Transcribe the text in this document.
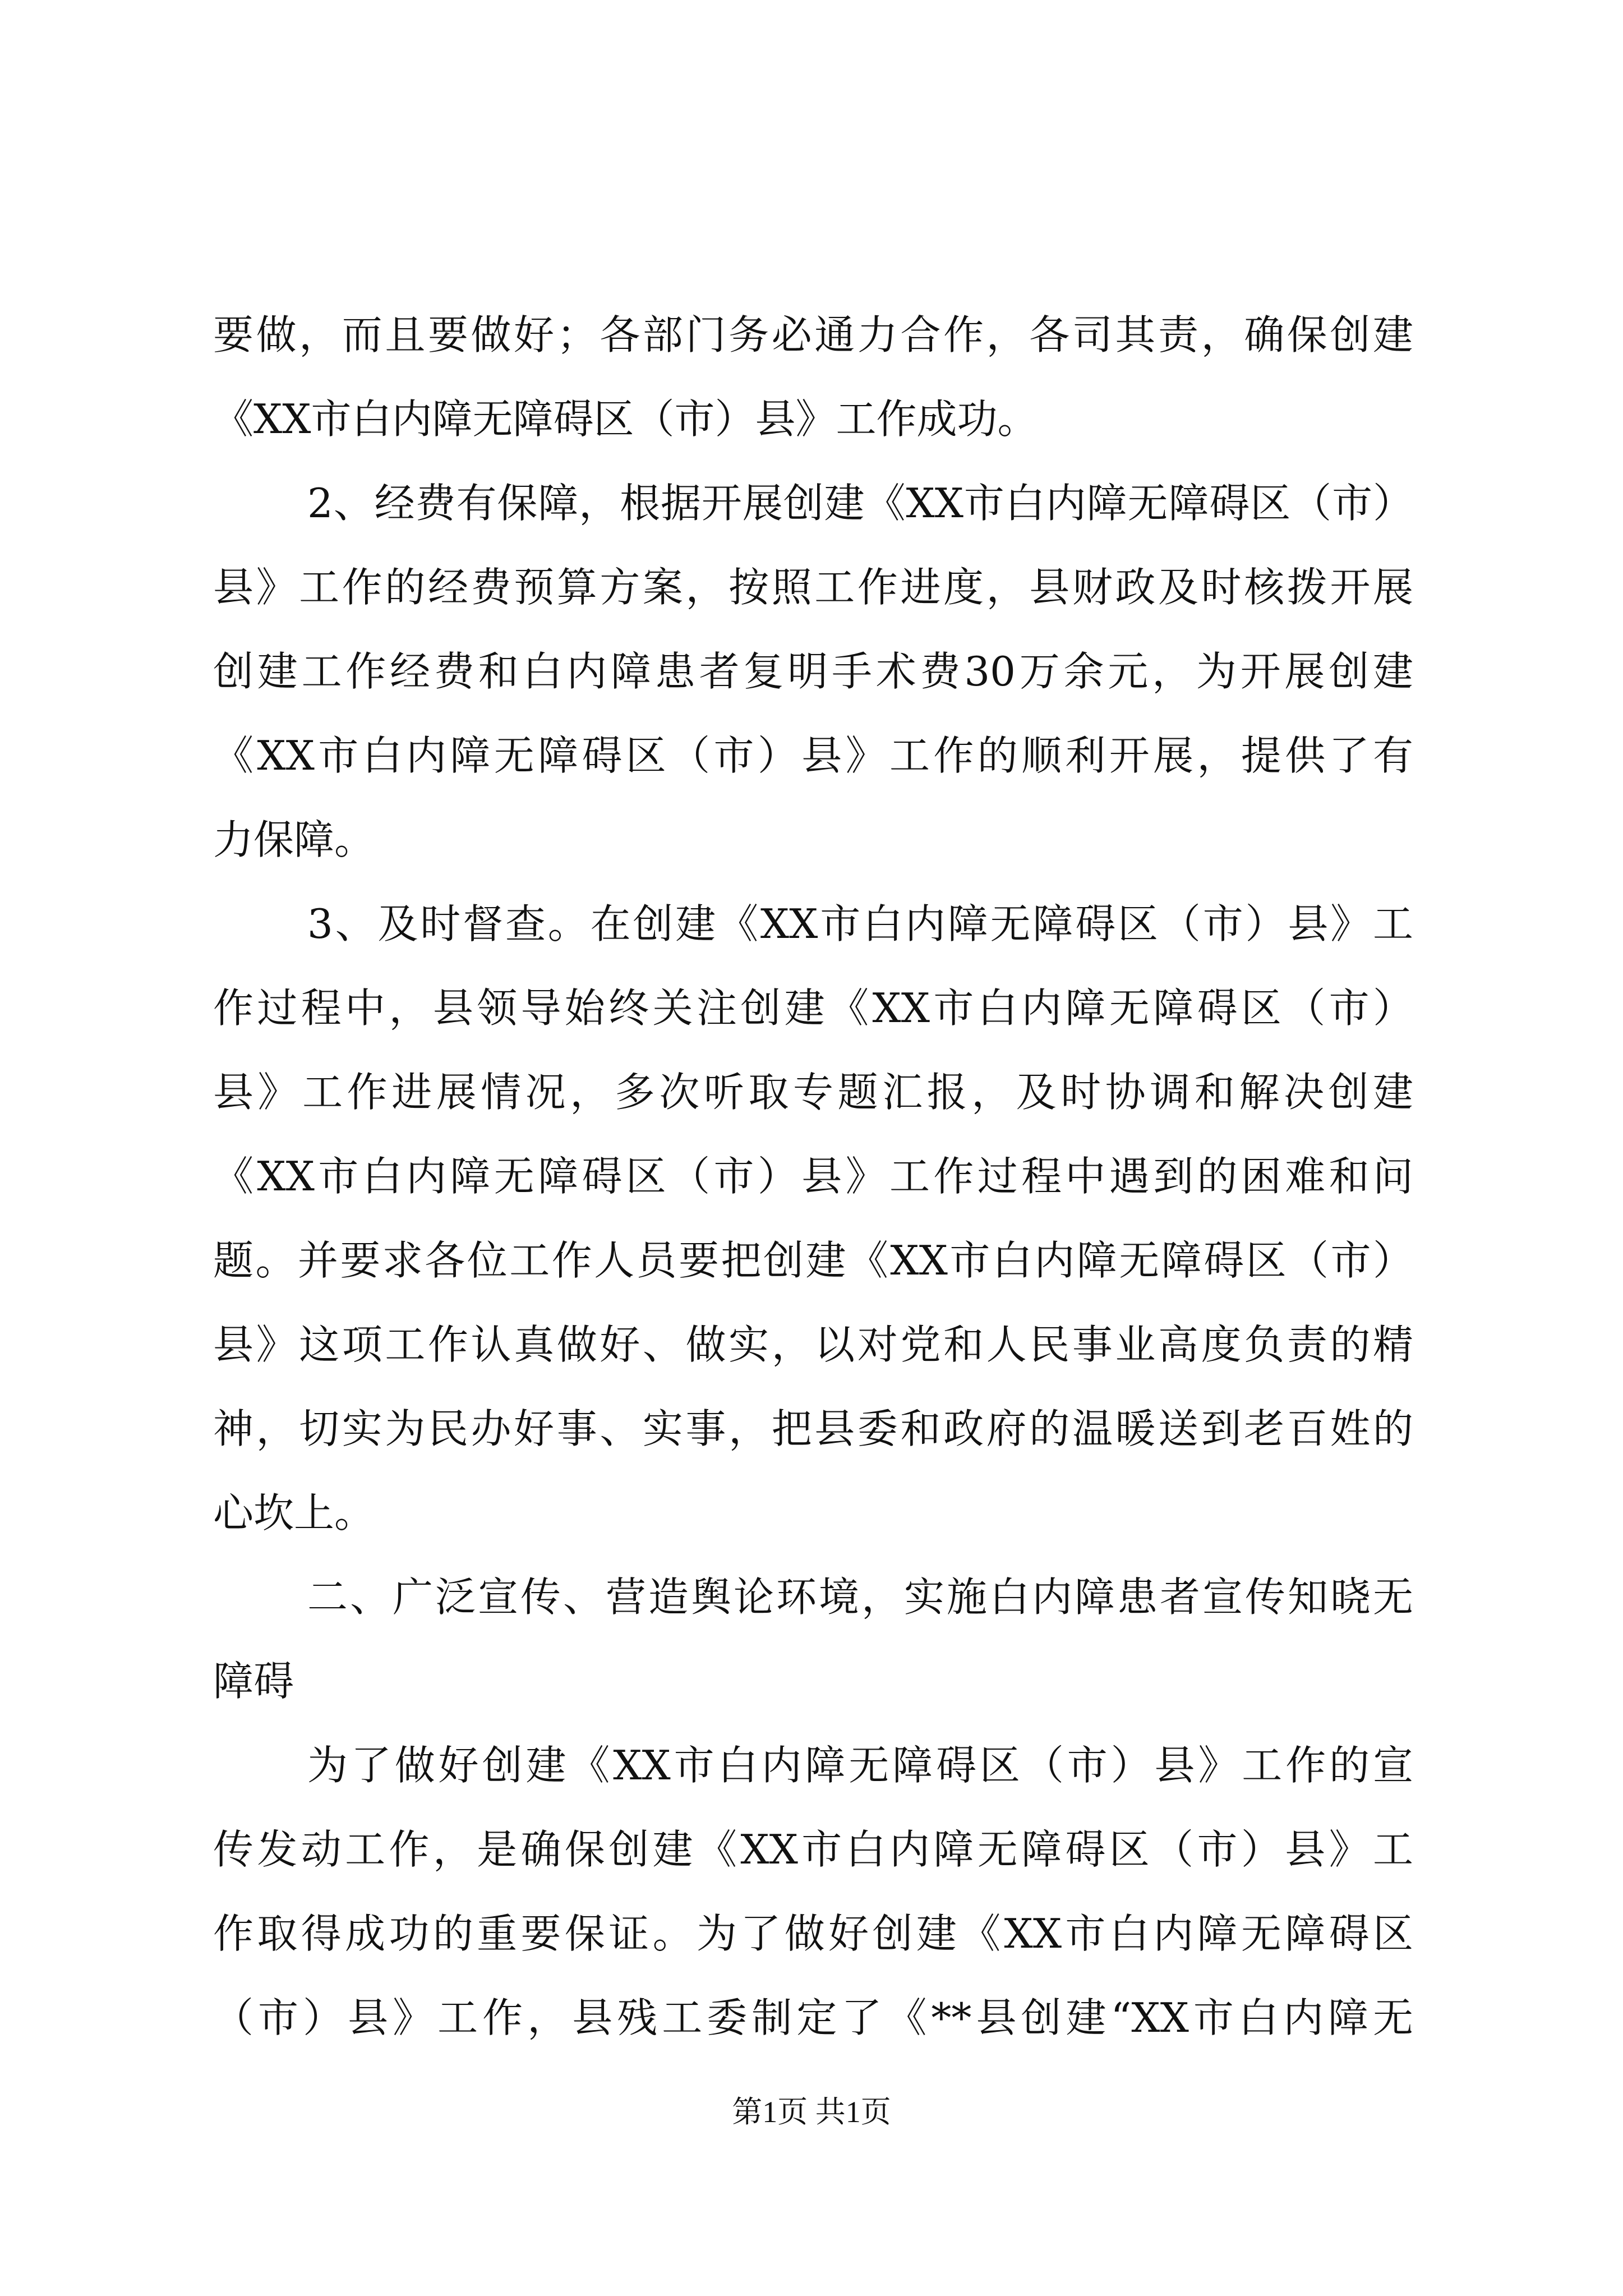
要做，而且要做好；各部门务必通力合作，各司其责，确保创建
《XX市白内障无障碍区（市）县》工作成功。
2、经费有保障，根据开展创建《XX市白内障无障碍区（市）
县》工作的经费预算方案，按照工作进度，县财政及时核拨开展
创建工作经费和白内障患者复明手术费30万余元，为开展创建
《XX市白内障无障碍区（市）县》工作的顺利开展，提供了有
力保障。
3、及时督查。在创建《XX市白内障无障碍区（市）县》工
作过程中，县领导始终关注创建《XX市白内障无障碍区（市）
县》工作进展情况，多次听取专题汇报，及时协调和解决创建
《XX市白内障无障碍区（市）县》工作过程中遇到的困难和问
题。并要求各位工作人员要把创建《XX市白内障无障碍区（市）
县》这项工作认真做好、做实，以对党和人民事业高度负责的精
神，切实为民办好事、实事，把县委和政府的温暖送到老百姓的
心坎上。
二、广泛宣传、营造舆论环境，实施白内障患者宣传知晓无
障碍
为了做好创建《XX市白内障无障碍区（市）县》工作的宣
传发动工作，是确保创建《XX市白内障无障碍区（市）县》工
作取得成功的重要保证。为了做好创建《XX市白内障无障碍区
（市）县》工作，县残工委制定了《**县创建“XX市白内障无
第1页 共1页
